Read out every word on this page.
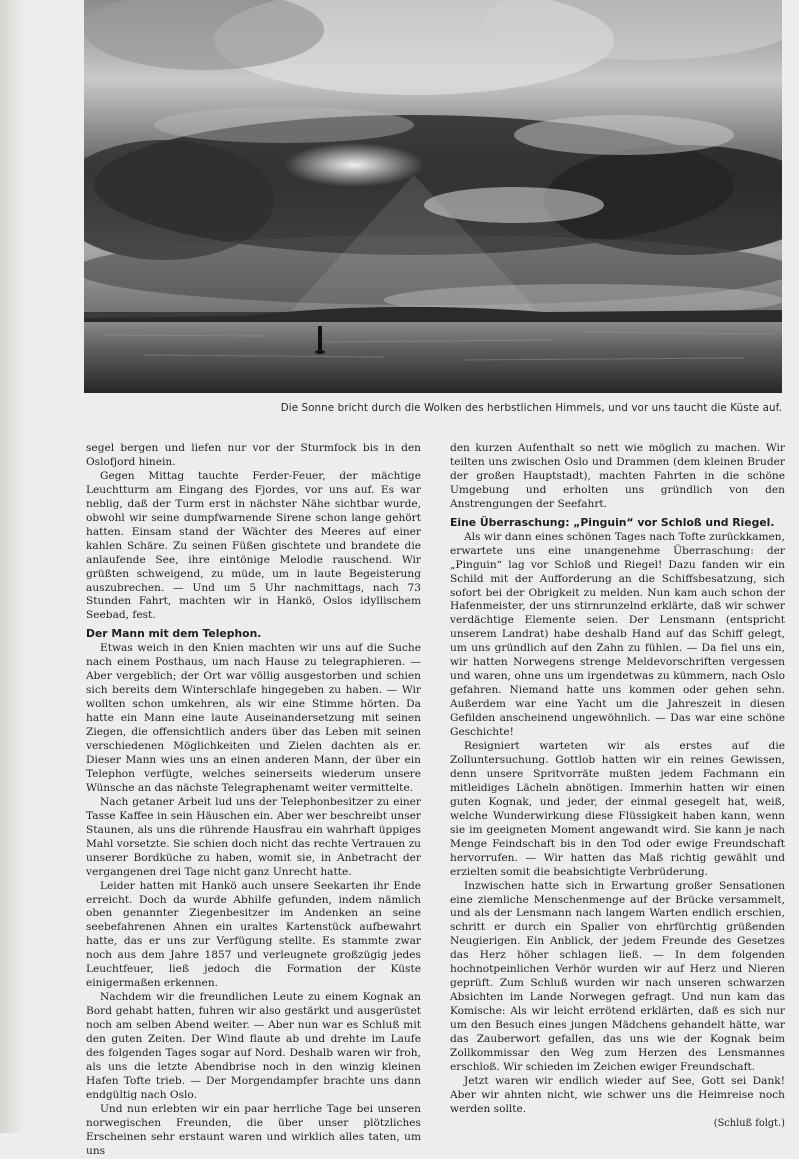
Die Sonne bricht durch die Wolken des herbstlichen Himmels, und vor uns taucht die Küste auf.

segel bergen und liefen nur vor der Sturmfock bis in den Oslofjord hinein.

Gegen Mittag tauchte Ferder-Feuer, der mächtige Leuchtturm am Eingang des Fjordes, vor uns auf. Es war neblig, daß der Turm erst in nächster Nähe sichtbar wurde, obwohl wir seine dumpfwarnende Sirene schon lange gehört hatten. Einsam stand der Wächter des Meeres auf einer kahlen Schäre. Zu seinen Füßen gischtete und brandete die anlaufende See, ihre eintönige Melodie rauschend. Wir grüßten schweigend, zu müde, um in laute Begeisterung auszubrechen. — Und um 5 Uhr nachmittags, nach 73 Stunden Fahrt, machten wir in Hankö, Oslos idyllischem Seebad, fest.

Der Mann mit dem Telephon.

Etwas weich in den Knien machten wir uns auf die Suche nach einem Posthaus, um nach Hause zu telegraphieren. — Aber vergeblich; der Ort war völlig ausgestorben und schien sich bereits dem Winterschlafe hingegeben zu haben. — Wir wollten schon umkehren, als wir eine Stimme hörten. Da hatte ein Mann eine laute Auseinandersetzung mit seinen Ziegen, die offensichtlich anders über das Leben mit seinen verschiedenen Möglichkeiten und Zielen dachten als er. Dieser Mann wies uns an einen anderen Mann, der über ein Telephon verfügte, welches seinerseits wiederum unsere Wünsche an das nächste Telegraphenamt weiter vermittelte.

Nach getaner Arbeit lud uns der Telephonbesitzer zu einer Tasse Kaffee in sein Häuschen ein. Aber wer beschreibt unser Staunen, als uns die rührende Hausfrau ein wahrhaft üppiges Mahl vorsetzte. Sie schien doch nicht das rechte Vertrauen zu unserer Bordküche zu haben, womit sie, in Anbetracht der vergangenen drei Tage nicht ganz Unrecht hatte.

Leider hatten mit Hankö auch unsere Seekarten ihr Ende erreicht. Doch da wurde Abhilfe gefunden, indem nämlich oben genannter Ziegenbesitzer im Andenken an seine seebefahrenen Ahnen ein uraltes Kartenstück aufbewahrt hatte, das er uns zur Verfügung stellte. Es stammte zwar noch aus dem Jahre 1857 und verleugnete großzügig jedes Leuchtfeuer, ließ jedoch die Formation der Küste einigermaßen erkennen.

Nachdem wir die freundlichen Leute zu einem Kognak an Bord gehabt hatten, fuhren wir also gestärkt und ausgerüstet noch am selben Abend weiter. — Aber nun war es Schluß mit den guten Zeiten. Der Wind flaute ab und drehte im Laufe des folgenden Tages sogar auf Nord. Deshalb waren wir froh, als uns die letzte Abendbrise noch in den winzig kleinen Hafen Tofte trieb. — Der Morgendampfer brachte uns dann endgültig nach Oslo.

Und nun erlebten wir ein paar herrliche Tage bei unseren norwegischen Freunden, die über unser plötzliches Erscheinen sehr erstaunt waren und wirklich alles taten, um uns

den kurzen Aufenthalt so nett wie möglich zu machen. Wir teilten uns zwischen Oslo und Drammen (dem kleinen Bruder der großen Hauptstadt), machten Fahrten in die schöne Umgebung und erholten uns gründlich von den Anstrengungen der Seefahrt.

Eine Überraschung: „Pinguin“ vor Schloß und Riegel.

Als wir dann eines schönen Tages nach Tofte zurückkamen, erwartete uns eine unangenehme Überraschung: der „Pinguin“ lag vor Schloß und Riegel! Dazu fanden wir ein Schild mit der Aufforderung an die Schiffsbesatzung, sich sofort bei der Obrigkeit zu melden. Nun kam auch schon der Hafenmeister, der uns stirnrunzelnd erklärte, daß wir schwer verdächtige Elemente seien. Der Lensmann (entspricht unserem Landrat) habe deshalb Hand auf das Schiff gelegt, um uns gründlich auf den Zahn zu fühlen. — Da fiel uns ein, wir hatten Norwegens strenge Meldevorschriften vergessen und waren, ohne uns um irgendetwas zu kümmern, nach Oslo gefahren. Niemand hatte uns kommen oder gehen sehn. Außerdem war eine Yacht um die Jahreszeit in diesen Gefilden anscheinend ungewöhnlich. — Das war eine schöne Geschichte!

Resigniert warteten wir als erstes auf die Zolluntersuchung. Gottlob hatten wir ein reines Gewissen, denn unsere Spritvorräte mußten jedem Fachmann ein mitleidiges Lächeln abnötigen. Immerhin hatten wir einen guten Kognak, und jeder, der einmal gesegelt hat, weiß, welche Wunderwirkung diese Flüssigkeit haben kann, wenn sie im geeigneten Moment angewandt wird. Sie kann je nach Menge Feindschaft bis in den Tod oder ewige Freundschaft hervorrufen. — Wir hatten das Maß richtig gewählt und erzielten somit die beabsichtigte Verbrüderung.

Inzwischen hatte sich in Erwartung großer Sensationen eine ziemliche Menschenmenge auf der Brücke versammelt, und als der Lensmann nach langem Warten endlich erschien, schritt er durch ein Spalier von ehrfürchtig grüßenden Neugierigen. Ein Anblick, der jedem Freunde des Gesetzes das Herz höher schlagen ließ. — In dem folgenden hochnotpeinlichen Verhör wurden wir auf Herz und Nieren geprüft. Zum Schluß wurden wir nach unseren schwarzen Absichten im Lande Norwegen gefragt. Und nun kam das Komische: Als wir leicht errötend erklärten, daß es sich nur um den Besuch eines jungen Mädchens gehandelt hätte, war das Zauberwort gefallen, das uns wie der Kognak beim Zollkommissar den Weg zum Herzen des Lensmannes erschloß. Wir schieden im Zeichen ewiger Freundschaft.

Jetzt waren wir endlich wieder auf See, Gott sei Dank! Aber wir ahnten nicht, wie schwer uns die Heimreise noch werden sollte.

(Schluß folgt.)
